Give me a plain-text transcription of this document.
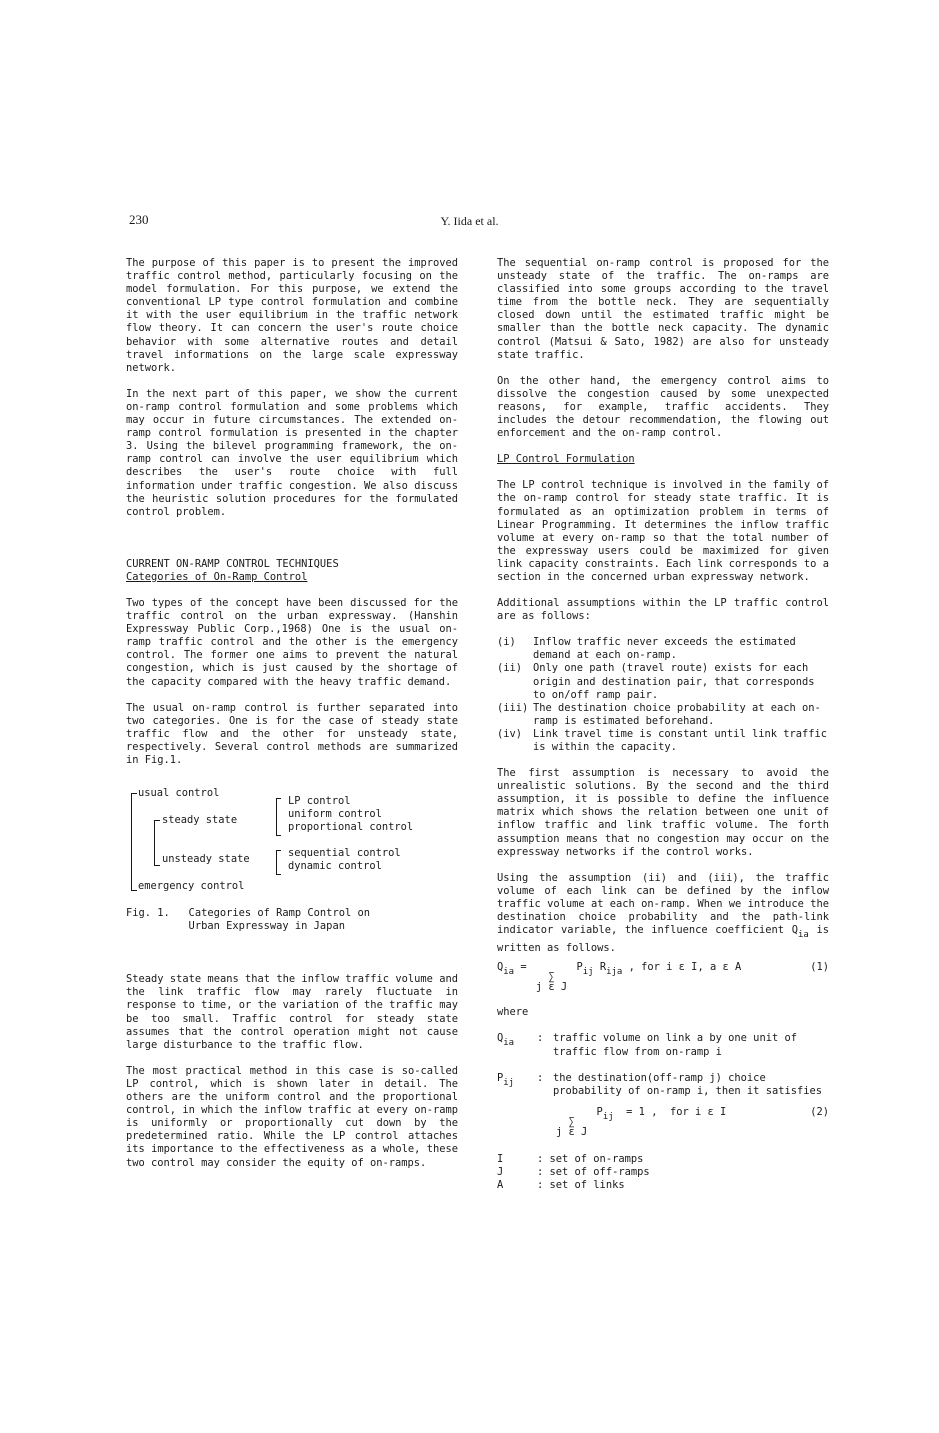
230	Y. Iida et al.

The purpose of this paper is to present the improved traffic control method, particularly focusing on the model formulation. For this purpose, we extend the conventional LP type control formulation and combine it with the user equilibrium in the traffic network flow theory. It can concern the user's route choice behavior with some alternative routes and detail travel informations on the large scale expressway network.

In the next part of this paper, we show the current on-ramp control formulation and some problems which may occur in future circumstances. The extended on-ramp control formulation is presented in the chapter 3. Using the bilevel programming framework, the on-ramp control can involve the user equilibrium which describes the user's route choice with full information under traffic congestion. We also discuss the heuristic solution procedures for the formulated control problem.

CURRENT ON-RAMP CONTROL TECHNIQUES

Categories of On-Ramp Control

Two types of the concept have been discussed for the traffic control on the urban expressway. (Hanshin Expressway Public Corp.,1968) One is the usual on-ramp traffic control and the other is the emergency control. The former one aims to prevent the natural congestion, which is just caused by the shortage of the capacity compared with the heavy traffic demand.

The usual on-ramp control is further separated into two categories. One is for the case of steady state traffic flow and the other for unsteady state, respectively. Several control methods are summarized in Fig.1.

usual control
steady state
unsteady state
emergency control
LP control
uniform control
proportional control
sequential control
dynamic control

Fig. 1.   Categories of Ramp Control on
Urban Expressway in Japan

Steady state means that the inflow traffic volume and the link traffic flow may rarely fluctuate in response to time, or the variation of the traffic may be too small. Traffic control for steady state assumes that the control operation might not cause large disturbance to the traffic flow.

The most practical method in this case is so-called LP control, which is shown later in detail. The others are the uniform control and the proportional control, in which the inflow traffic at every on-ramp is uniformly or proportionally cut down by the predetermined ratio. While the LP control attaches its importance to the effectiveness as a whole, these two control may consider the equity of on-ramps.

The sequential on-ramp control is proposed for the unsteady state of the traffic. The on-ramps are classified into some groups according to the travel time from the bottle neck. They are sequentially closed down until the estimated traffic might be smaller than the bottle neck capacity. The dynamic control (Matsui & Sato, 1982) are also for unsteady state traffic.

On the other hand, the emergency control aims to dissolve the congestion caused by some unexpected reasons, for example, traffic accidents. They includes the detour recommendation, the flowing out enforcement and the on-ramp control.

LP Control Formulation

The LP control technique is involved in the family of the on-ramp control for steady state traffic. It is formulated as an optimization problem in terms of Linear Programming. It determines the inflow traffic volume at every on-ramp so that the total number of the expressway users could be maximized for given link capacity constraints. Each link corresponds to a section in the concerned urban expressway network.

Additional assumptions within the LP traffic control are as follows:

(i)	Inflow traffic never exceeds the estimated demand at each on-ramp.
(ii)	Only one path (travel route) exists for each origin and destination pair, that corresponds to on/off ramp pair.
(iii) The destination choice probability at each on-ramp is estimated beforehand.
(iv)	Link travel time is constant until link traffic is within the capacity.

The first assumption is necessary to avoid the unrealistic solutions. By the second and the third assumption, it is possible to define the influence matrix which shows the relation between one unit of inflow traffic and link traffic volume. The forth assumption means that no congestion may occur on the expressway networks if the control works.

Using the assumption (ii) and (iii), the traffic volume of each link can be defined by the inflow traffic volume at each on-ramp. When we introduce the destination choice probability and the path-link indicator variable, the influence coefficient Qia is written as follows.

Qia =
∑
j ε J
Pij Rija , for i ε I, a ε A	(1)

where

Qia	: traffic volume on link a by one unit of traffic flow from on-ramp i
Pij	: the destination(off-ramp j) choice probability of on-ramp i, then it satisfies
∑
j ε J
Pij = 1 , for i ε I	(2)
I	: set of on-ramps
J	: set of off-ramps
A	: set of links
